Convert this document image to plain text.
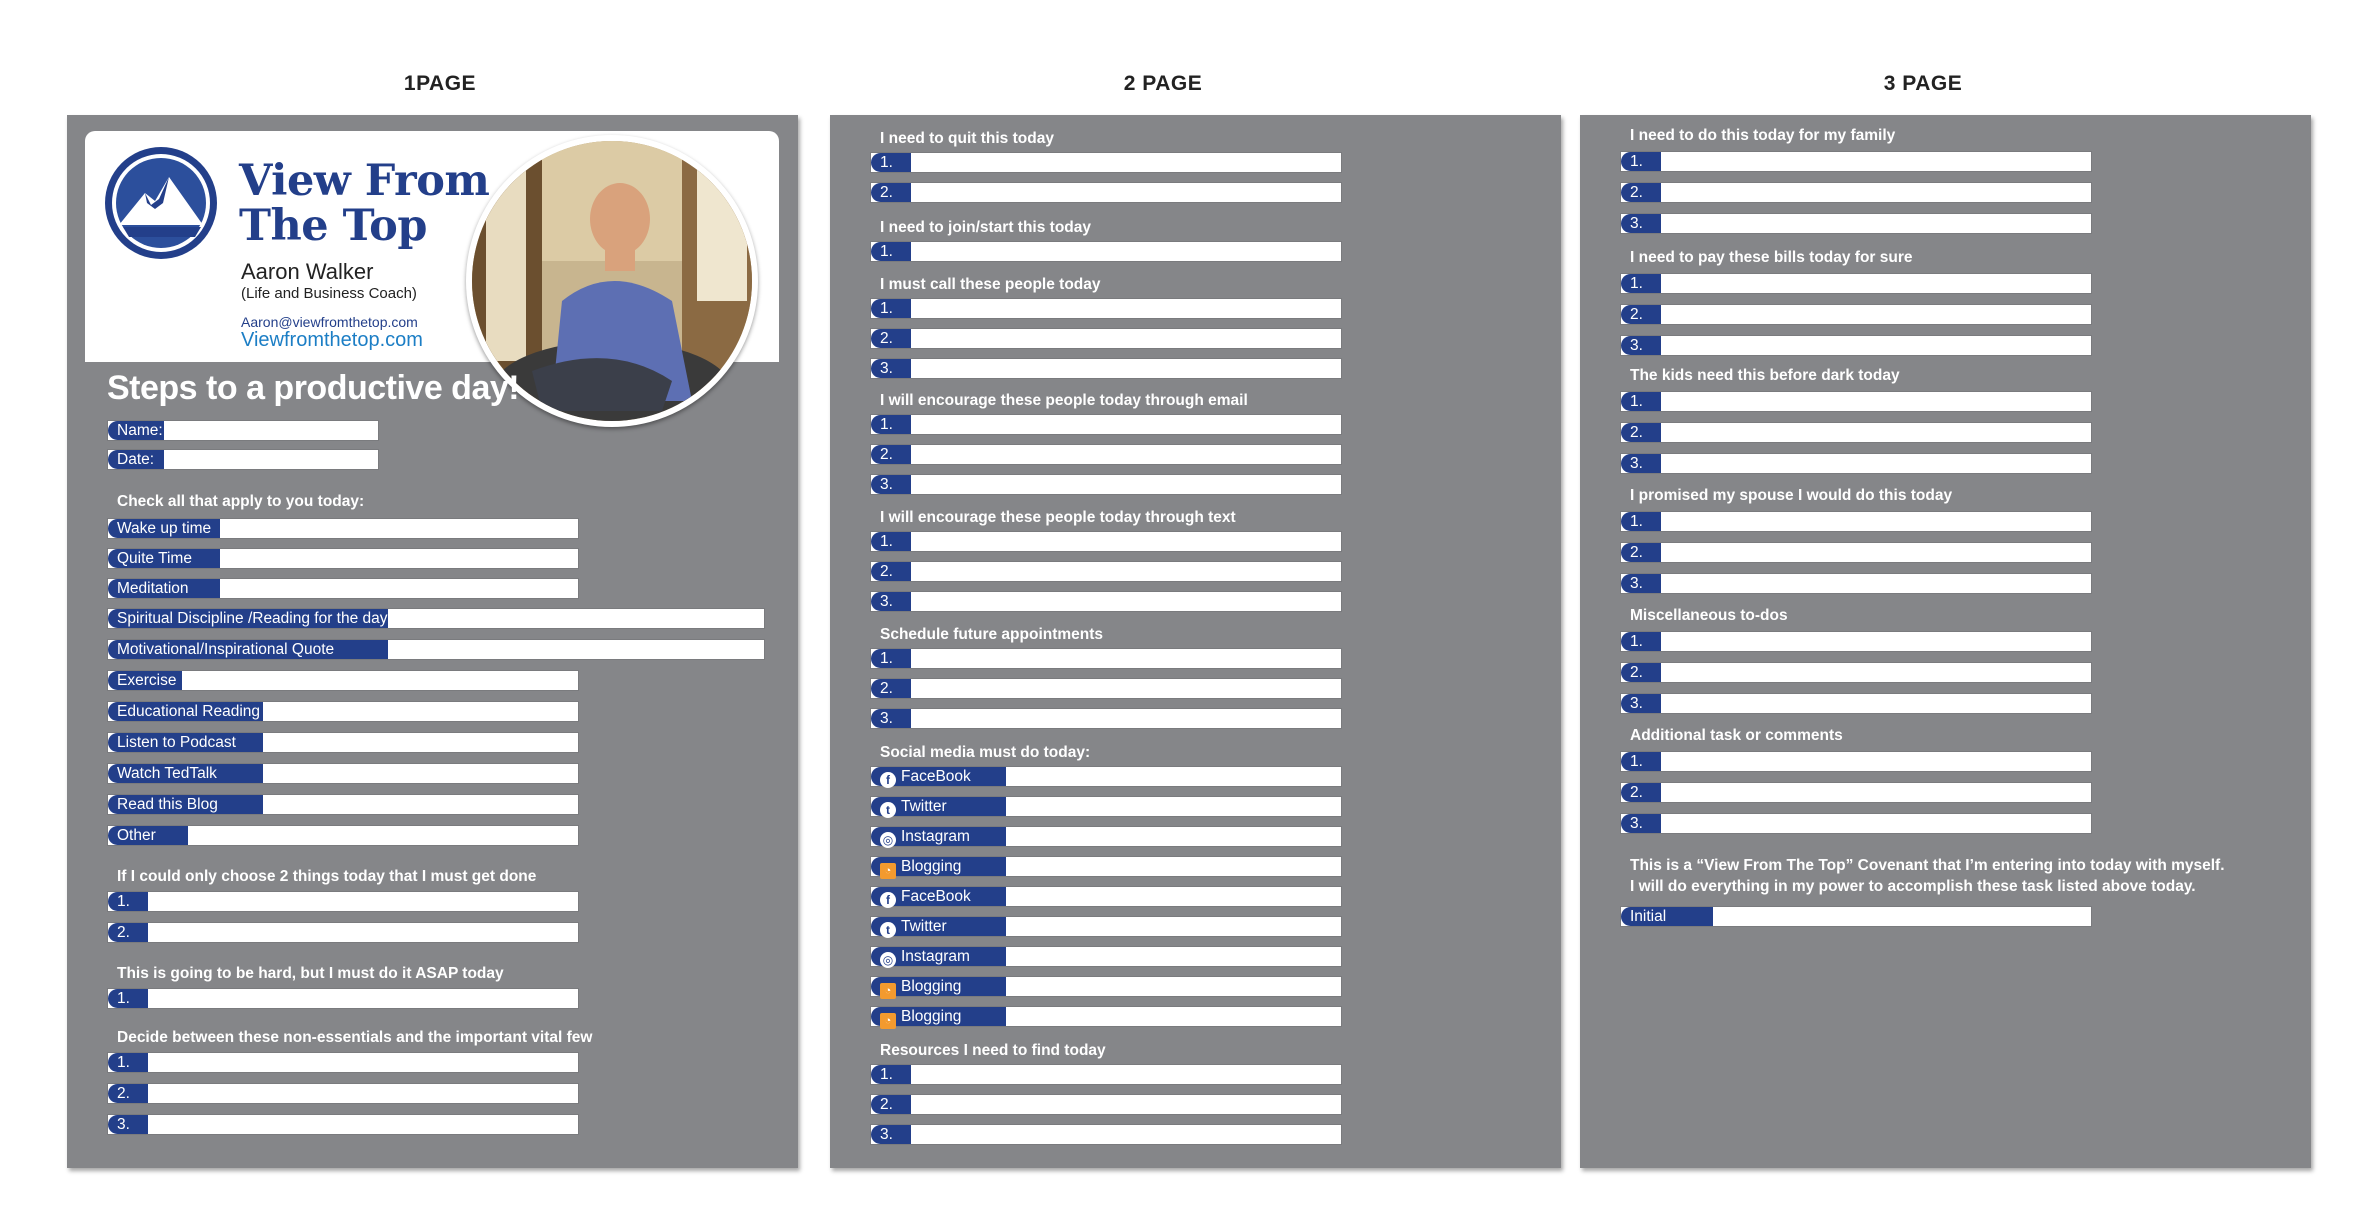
1PAGE	2 PAGE	3 PAGE
View From
The Top
Aaron Walker
(Life and Business Coach)
Aaron@viewfromthetop.com
Viewfromthetop.com
Steps to a productive day!
Name:
Date:
Check all that apply to you today:
Wake up time
Quite Time
Meditation
Spiritual Discipline /Reading for the day
Motivational/Inspirational Quote
Exercise
Educational Reading
Listen to Podcast
Watch TedTalk
Read this Blog
Other
If I could only choose 2 things today that I must get done
1.
2.
This is going to be hard, but I must do it ASAP today
1.
Decide between these non-essentials and the important vital few
1.
2.
3.
I need to quit this today
1.
2.
I need to join/start this today
1.
I must call these people today
1.
2.
3.
I will encourage these people today through email
1.
2.
3.
I will encourage these people today through text
1.
2.
3.
Schedule future appointments
1.
2.
3.
Social media must do today:
f FaceBook
t Twitter
◎ Instagram
◔ Blogging
f FaceBook
t Twitter
◎ Instagram
◔ Blogging
◔ Blogging
Resources I need to find today
1.
2.
3.
I need to do this today for my family
1.
2.
3.
I need to pay these bills today for sure
1.
2.
3.
The kids need this before dark today
1.
2.
3.
I promised my spouse I would do this today
1.
2.
3.
Miscellaneous to-dos
1.
2.
3.
Additional task or comments
1.
2.
3.
This is a “View From The Top” Covenant that I’m entering into today with myself.
I will do everything in my power to accomplish these task listed above today.
Initial
